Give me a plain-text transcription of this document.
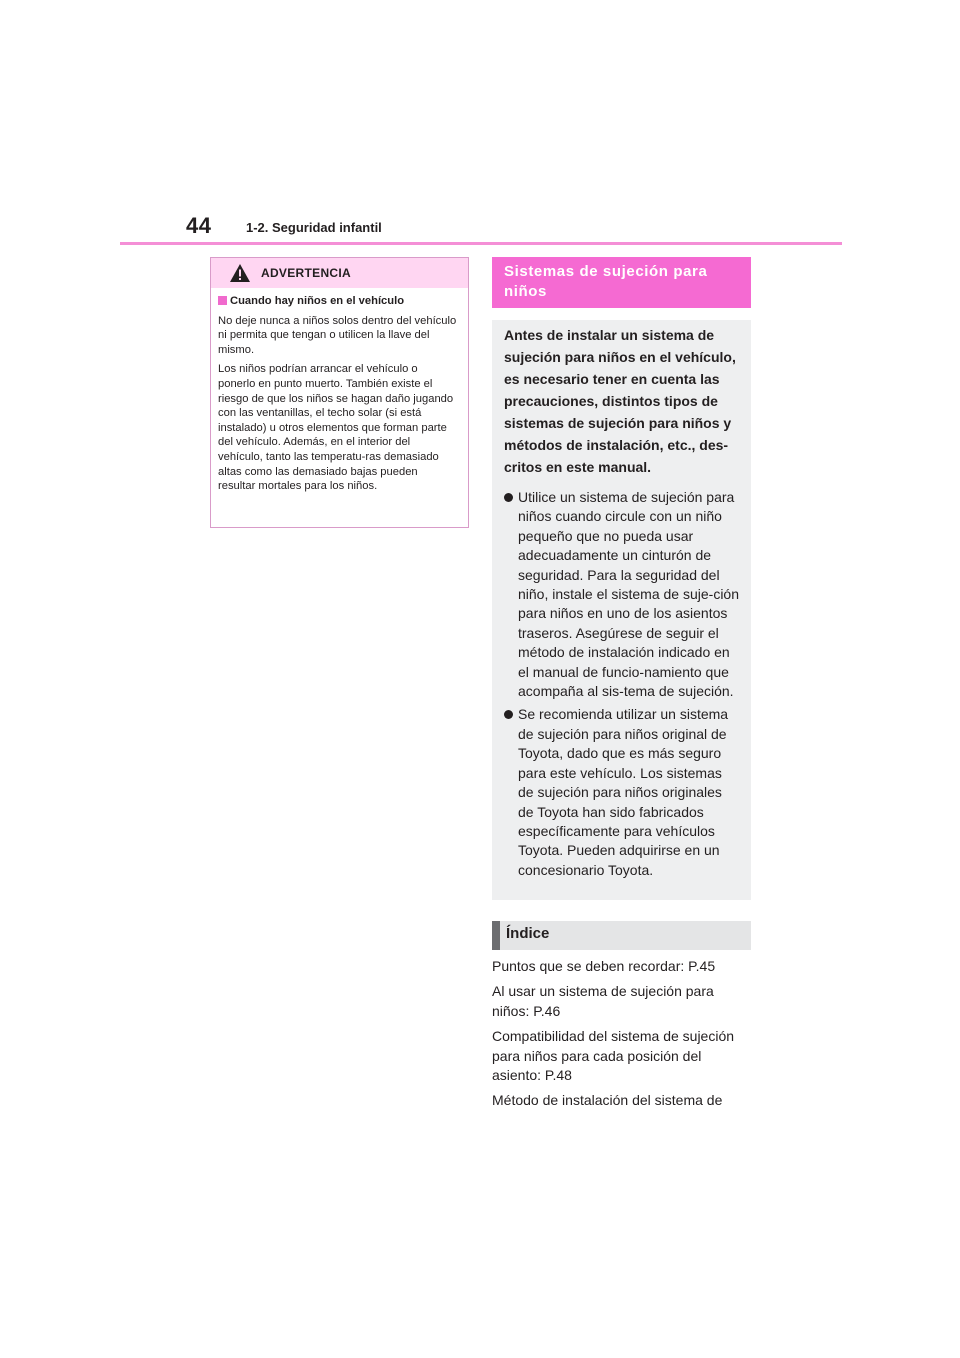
44	1-2. Seguridad infantil
ADVERTENCIA

Cuando hay niños en el vehículo

No deje nunca a niños solos dentro del vehículo ni permita que tengan o utilicen la llave del mismo.

Los niños podrían arrancar el vehículo o ponerlo en punto muerto. También existe el riesgo de que los niños se hagan daño jugando con las ventanillas, el techo solar (si está instalado) u otros elementos que forman parte del vehículo. Además, en el interior del vehículo, tanto las temperatu-ras demasiado altas como las demasiado bajas pueden resultar mortales para los niños.

Sistemas de sujeción para niños

Antes de instalar un sistema de sujeción para niños en el vehículo, es necesario tener en cuenta las precauciones, distintos tipos de sistemas de sujeción para niños y métodos de instalación, etc., des-critos en este manual.

Utilice un sistema de sujeción para niños cuando circule con un niño pequeño que no pueda usar adecuadamente un cinturón de seguridad. Para la seguridad del niño, instale el sistema de suje-ción para niños en uno de los asientos traseros. Asegúrese de seguir el método de instalación indicado en el manual de funcio-namiento que acompaña al sis-tema de sujeción.
Se recomienda utilizar un sistema de sujeción para niños original de Toyota, dado que es más seguro para este vehículo. Los sistemas de sujeción para niños originales de Toyota han sido fabricados específicamente para vehículos Toyota. Pueden adquirirse en un concesionario Toyota.
Índice

Puntos que se deben recordar: P.45

Al usar un sistema de sujeción para niños: P.46

Compatibilidad del sistema de sujeción para niños para cada posición del asiento: P.48

Método de instalación del sistema de
